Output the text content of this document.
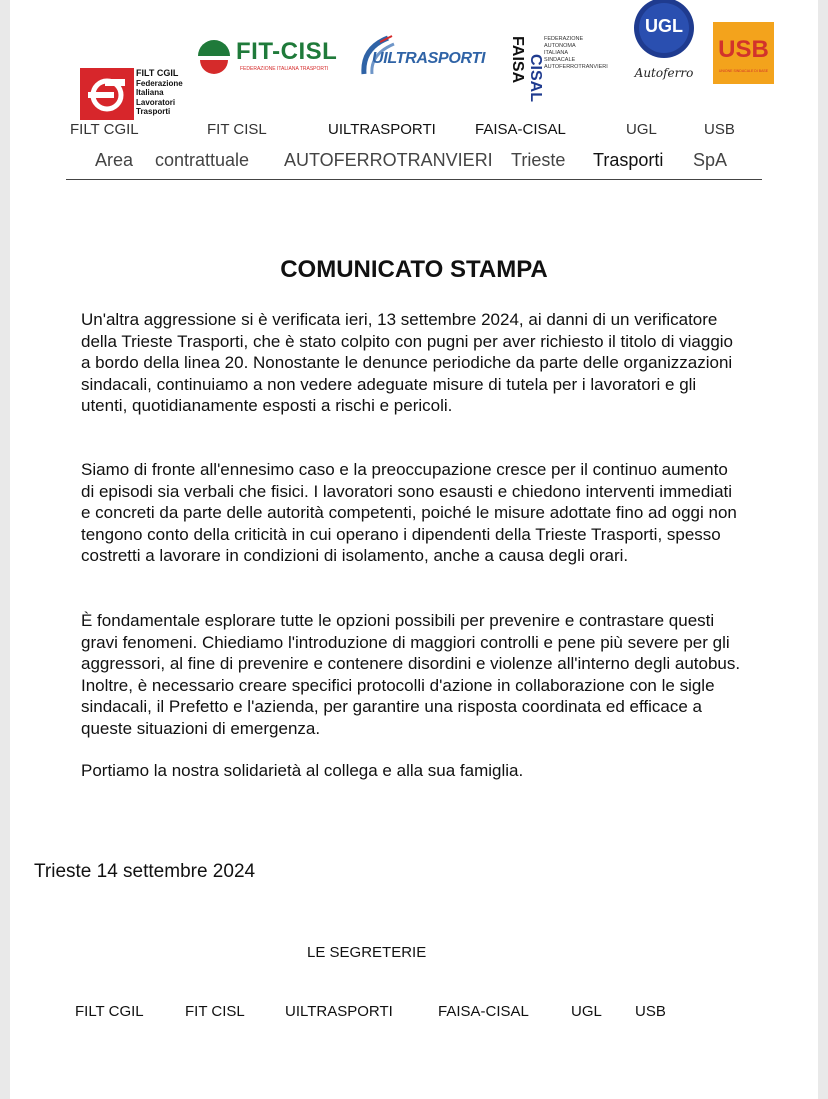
FILT CGIL
Federazione
Italiana
Lavoratori
Trasporti
FIT-CISL
FEDERAZIONE ITALIANA TRASPORTI
UILTRASPORTI FAISA CISAL
FEDERAZIONE
AUTONOMA
ITALIANA
SINDACALE
AUTOFERROTRANVIERI
UGL
Autoferro
USB
UNIONE SINDACALE DI BASE
FILT CGIL	FIT CISL	UILTRASPORTI	FAISA-CISAL	UGL	USB
Area contrattuale AUTOFERROTRANVIERI Trieste Trasporti SpA
COMUNICATO STAMPA

Un'altra aggressione si è verificata ieri, 13 settembre 2024, ai danni di un verificatore della Trieste Trasporti, che è stato colpito con pugni per aver richiesto il titolo di viaggio a bordo della linea 20. Nonostante le denunce periodiche da parte delle organizzazioni sindacali, continuiamo a non vedere adeguate misure di tutela per i lavoratori e gli utenti, quotidianamente esposti a rischi e pericoli.

Siamo di fronte all'ennesimo caso e la preoccupazione cresce per il continuo aumento di episodi sia verbali che fisici. I lavoratori sono esausti e chiedono interventi immediati e concreti da parte delle autorità competenti, poiché le misure adottate fino ad oggi non tengono conto della criticità in cui operano i dipendenti della Trieste Trasporti, spesso costretti a lavorare in condizioni di isolamento, anche a causa degli orari.

È fondamentale esplorare tutte le opzioni possibili per prevenire e contrastare questi gravi fenomeni. Chiediamo l'introduzione di maggiori controlli e pene più severe per gli aggressori, al fine di prevenire e contenere disordini e violenze all'interno degli autobus. Inoltre, è necessario creare specifici protocolli d'azione in collaborazione con le sigle sindacali, il Prefetto e l'azienda, per garantire una risposta coordinata ed efficace a queste situazioni di emergenza.

Portiamo la nostra solidarietà al collega e alla sua famiglia.

Trieste 14 settembre 2024
LE SEGRETERIE
FILT CGIL	FIT CISL	UILTRASPORTI	FAISA-CISAL	UGL USB
